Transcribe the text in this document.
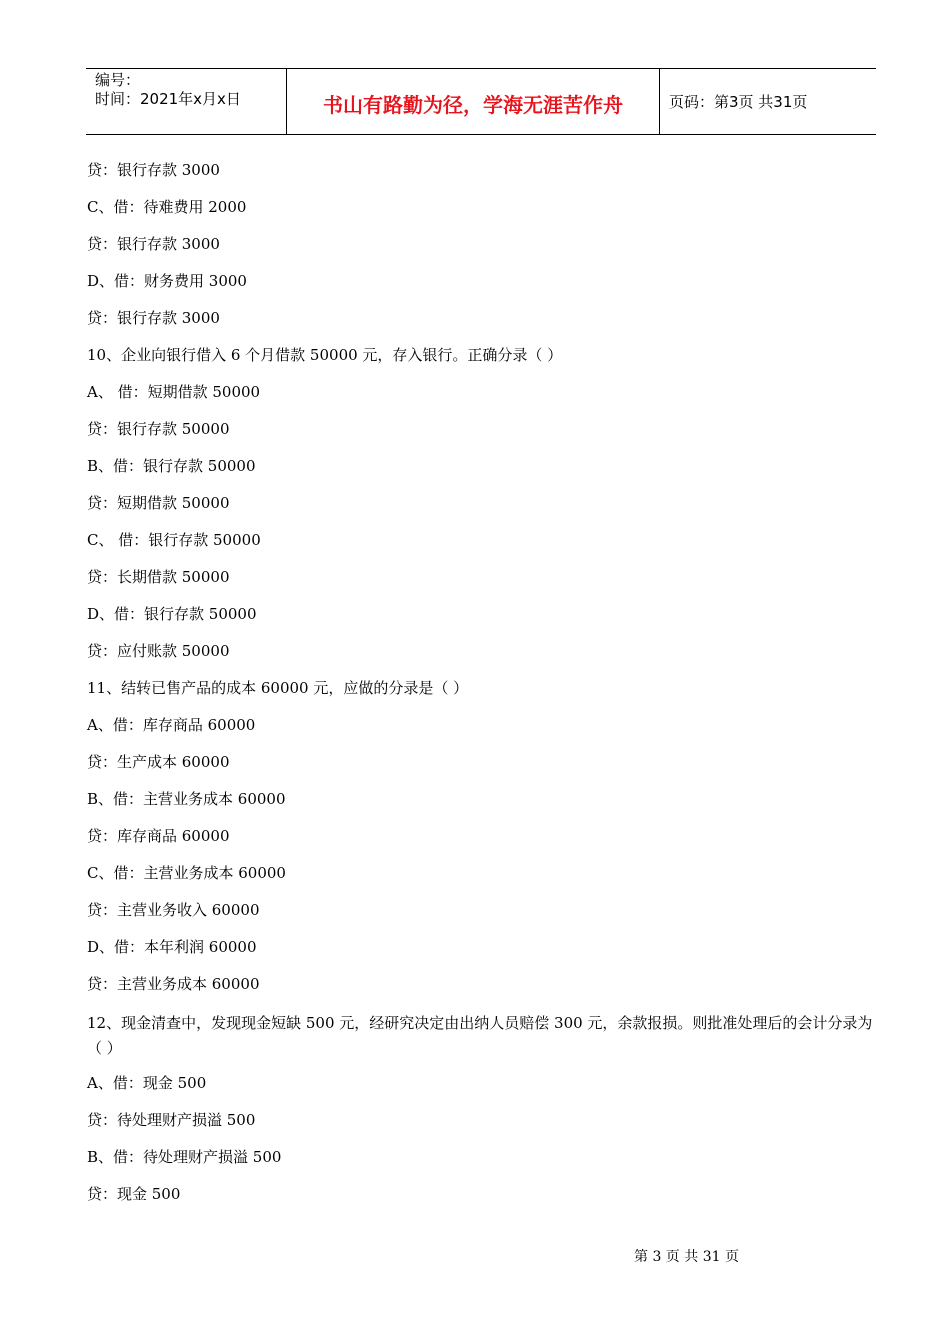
编号：
时间：2021年x月x日	书山有路勤为径，学海无涯苦作舟	页码：第3页 共31页
贷：银行存款 3000
C、借：待难费用 2000
贷：银行存款 3000
D、借：财务费用 3000
贷：银行存款 3000
10、企业向银行借入 6 个月借款 50000 元，存入银行。正确分录（ ）
A、 借：短期借款 50000
贷：银行存款 50000
B、借：银行存款 50000
贷：短期借款 50000
C、 借：银行存款 50000
贷：长期借款 50000
D、借：银行存款 50000
贷：应付账款 50000
11、结转已售产品的成本 60000 元，应做的分录是（ ）
A、借：库存商品 60000
贷：生产成本 60000
B、借：主营业务成本 60000
贷：库存商品 60000
C、借：主营业务成本 60000
贷：主营业务收入 60000
D、借：本年利润 60000
贷：主营业务成本 60000
12、现金清查中，发现现金短缺 500 元，经研究决定由出纳人员赔偿 300 元，余款报损。则批准处理后的会计分录为（ ）
A、借：现金 500
贷：待处理财产损溢 500
B、借：待处理财产损溢 500
贷：现金 500
第 3 页 共 31 页
